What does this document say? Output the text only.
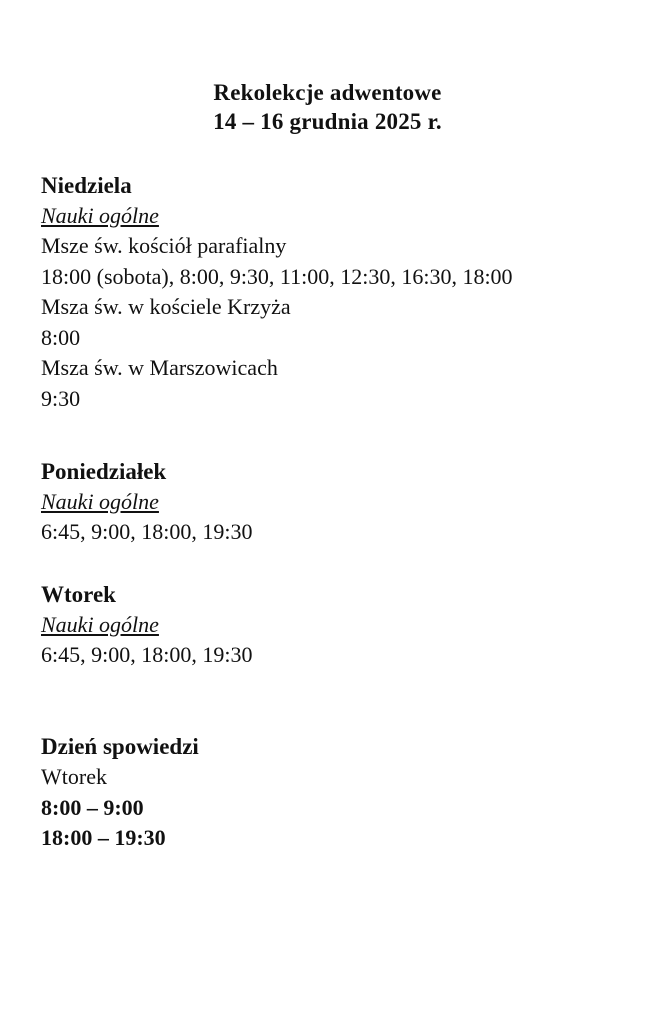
Rekolekcje adwentowe
14 – 16 grudnia 2025 r.
Niedziela
Nauki ogólne
Msze św. kościół parafialny
18:00 (sobota), 8:00, 9:30, 11:00, 12:30, 16:30, 18:00
Msza św. w kościele Krzyża
8:00
Msza św. w Marszowicach
9:30
Poniedziałek
Nauki ogólne
6:45, 9:00, 18:00, 19:30
Wtorek
Nauki ogólne
6:45, 9:00, 18:00, 19:30
Dzień spowiedzi
Wtorek
8:00 – 9:00
18:00 – 19:30
